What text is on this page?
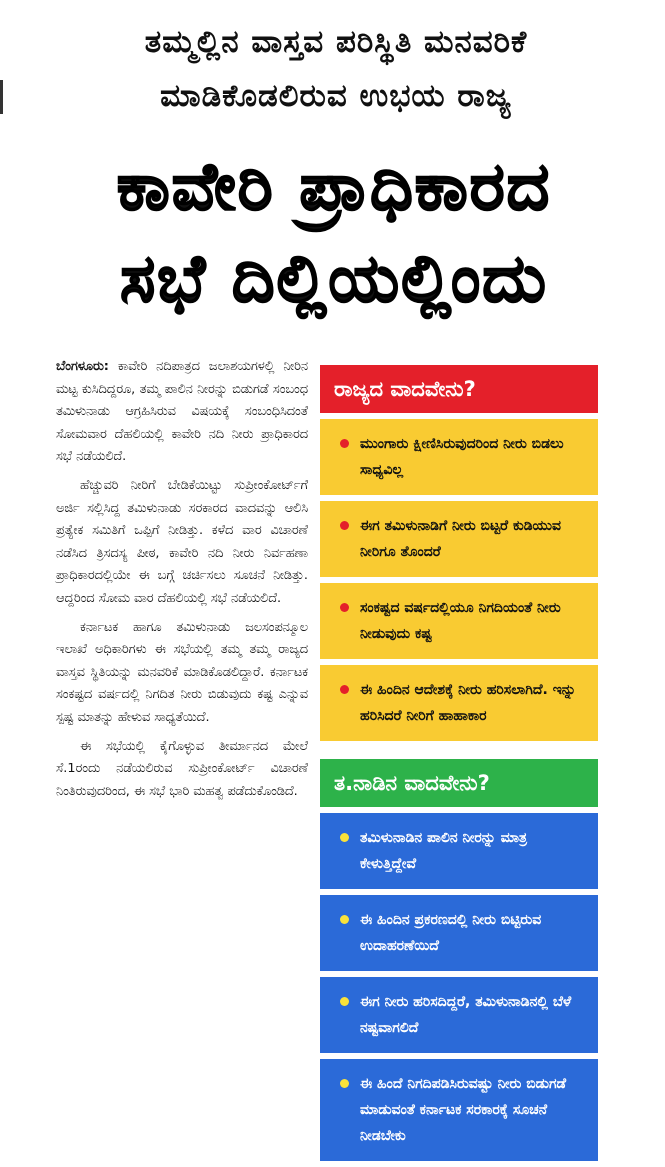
ತಮ್ಮಲ್ಲಿನ ವಾಸ್ತವ ಪರಿಸ್ಥಿತಿ ಮನವರಿಕೆ
ಮಾಡಿಕೊಡಲಿರುವ ಉಭಯ ರಾಜ್ಯ
ಕಾವೇರಿ ಪ್ರಾಧಿಕಾರದ
ಸಭೆ ದಿಲ್ಲಿಯಲ್ಲಿಂದು

ಬೆಂಗಳೂರು: ಕಾವೇರಿ ನದಿಪಾತ್ರದ ಜಲಾಶಯಗಳಲ್ಲಿ ನೀರಿನ ಮಟ್ಟ ಕುಸಿದಿದ್ದರೂ, ತಮ್ಮ ಪಾಲಿನ ನೀರನ್ನು ಬಿಡುಗಡೆ ಸಂಬಂಧ ತಮಿಳುನಾಡು ಆಗ್ರಹಿಸಿರುವ ವಿಷಯಕ್ಕೆ ಸಂಬಂಧಿಸಿದಂತೆ ಸೋಮವಾರ ದೆಹಲಿಯಲ್ಲಿ ಕಾವೇರಿ ನದಿ ನೀರು ಪ್ರಾಧಿಕಾರದ ಸಭೆ ನಡೆಯಲಿದೆ.

ಹೆಚ್ಚುವರಿ ನೀರಿಗೆ ಬೇಡಿಕೆಯಿಟ್ಟು ಸುಪ್ರೀಂಕೋರ್ಟ್‌ಗೆ ಅರ್ಜಿ ಸಲ್ಲಿಸಿದ್ದ ತಮಿಳುನಾಡು ಸರಕಾರದ ವಾದವನ್ನು ಆಲಿಸಿ ಪ್ರತ್ಯೇಕ ಸಮಿತಿಗೆ ಒಪ್ಪಿಗೆ ನೀಡಿತ್ತು. ಕಳೆದ ವಾರ ವಿಚಾರಣೆ ನಡೆಸಿದ ತ್ರಿಸದಸ್ಯ ಪೀಠ, ಕಾವೇರಿ ನದಿ ನೀರು ನಿರ್ವಹಣಾ ಪ್ರಾಧಿಕಾರದಲ್ಲಿಯೇ ಈ ಬಗ್ಗೆ ಚರ್ಚಿಸಲು ಸೂಚನೆ ನೀಡಿತ್ತು. ಆದ್ದರಿಂದ ಸೋಮ ವಾರ ದೆಹಲಿಯಲ್ಲಿ ಸಭೆ ನಡೆಯಲಿದೆ.

ಕರ್ನಾಟಕ ಹಾಗೂ ತಮಿಳುನಾಡು ಜಲಸಂಪನ್ಮೂಲ ಇಲಾಖೆ ಅಧಿಕಾರಿಗಳು ಈ ಸಭೆಯಲ್ಲಿ ತಮ್ಮ ತಮ್ಮ ರಾಜ್ಯದ ವಾಸ್ತವ ಸ್ಥಿತಿಯನ್ನು ಮನವರಿಕೆ ಮಾಡಿಕೊಡಲಿದ್ದಾರೆ. ಕರ್ನಾಟಕ ಸಂಕಷ್ಟದ ವರ್ಷದಲ್ಲಿ ನಿಗದಿತ ನೀರು ಬಿಡುವುದು ಕಷ್ಟ ಎನ್ನುವ ಸ್ಪಷ್ಟ ಮಾತನ್ನು ಹೇಳುವ ಸಾಧ್ಯತೆಯಿದೆ.

ಈ ಸಭೆಯಲ್ಲಿ ಕೈಗೊಳ್ಳುವ ತೀರ್ಮಾನದ ಮೇಲೆ ಸೆ.1ರಂದು ನಡೆಯಲಿರುವ ಸುಪ್ರೀಂಕೋರ್ಟ್ ವಿಚಾರಣೆ ನಿಂತಿರುವುದರಿಂದ, ಈ ಸಭೆ ಭಾರಿ ಮಹತ್ವ ಪಡೆದುಕೊಂಡಿದೆ.

ರಾಜ್ಯದ ವಾದವೇನು?
ಮುಂಗಾರು ಕ್ಷೀಣಿಸಿರುವುದರಿಂದ ನೀರು ಬಿಡಲು ಸಾಧ್ಯವಿಲ್ಲ
ಈಗ ತಮಿಳುನಾಡಿಗೆ ನೀರು ಬಿಟ್ಟರೆ ಕುಡಿಯುವ ನೀರಿಗೂ ತೊಂದರೆ
ಸಂಕಷ್ಟದ ವರ್ಷದಲ್ಲಿಯೂ ನಿಗದಿಯಂತೆ ನೀರು ನೀಡುವುದು ಕಷ್ಟ
ಈ ಹಿಂದಿನ ಆದೇಶಕ್ಕೆ ನೀರು ಹರಿಸಲಾಗಿದೆ. ಇನ್ನು ಹರಿಸಿದರೆ ನೀರಿಗೆ ಹಾಹಾಕಾರ
ತ.ನಾಡಿನ ವಾದವೇನು?
ತಮಿಳುನಾಡಿನ ಪಾಲಿನ ನೀರನ್ನು ಮಾತ್ರ ಕೇಳುತ್ತಿದ್ದೇವೆ
ಈ ಹಿಂದಿನ ಪ್ರಕರಣದಲ್ಲಿ ನೀರು ಬಿಟ್ಟಿರುವ ಉದಾಹರಣೆಯಿದೆ
ಈಗ ನೀರು ಹರಿಸದಿದ್ದರೆ, ತಮಿಳುನಾಡಿನಲ್ಲಿ ಬೆಳೆ ನಷ್ಟವಾಗಲಿದೆ
ಈ ಹಿಂದೆ ನಿಗದಿಪಡಿಸಿರುವಷ್ಟು ನೀರು ಬಿಡುಗಡೆ ಮಾಡುವಂತೆ ಕರ್ನಾಟಕ ಸರಕಾರಕ್ಕೆ ಸೂಚನೆ ನೀಡಬೇಕು
